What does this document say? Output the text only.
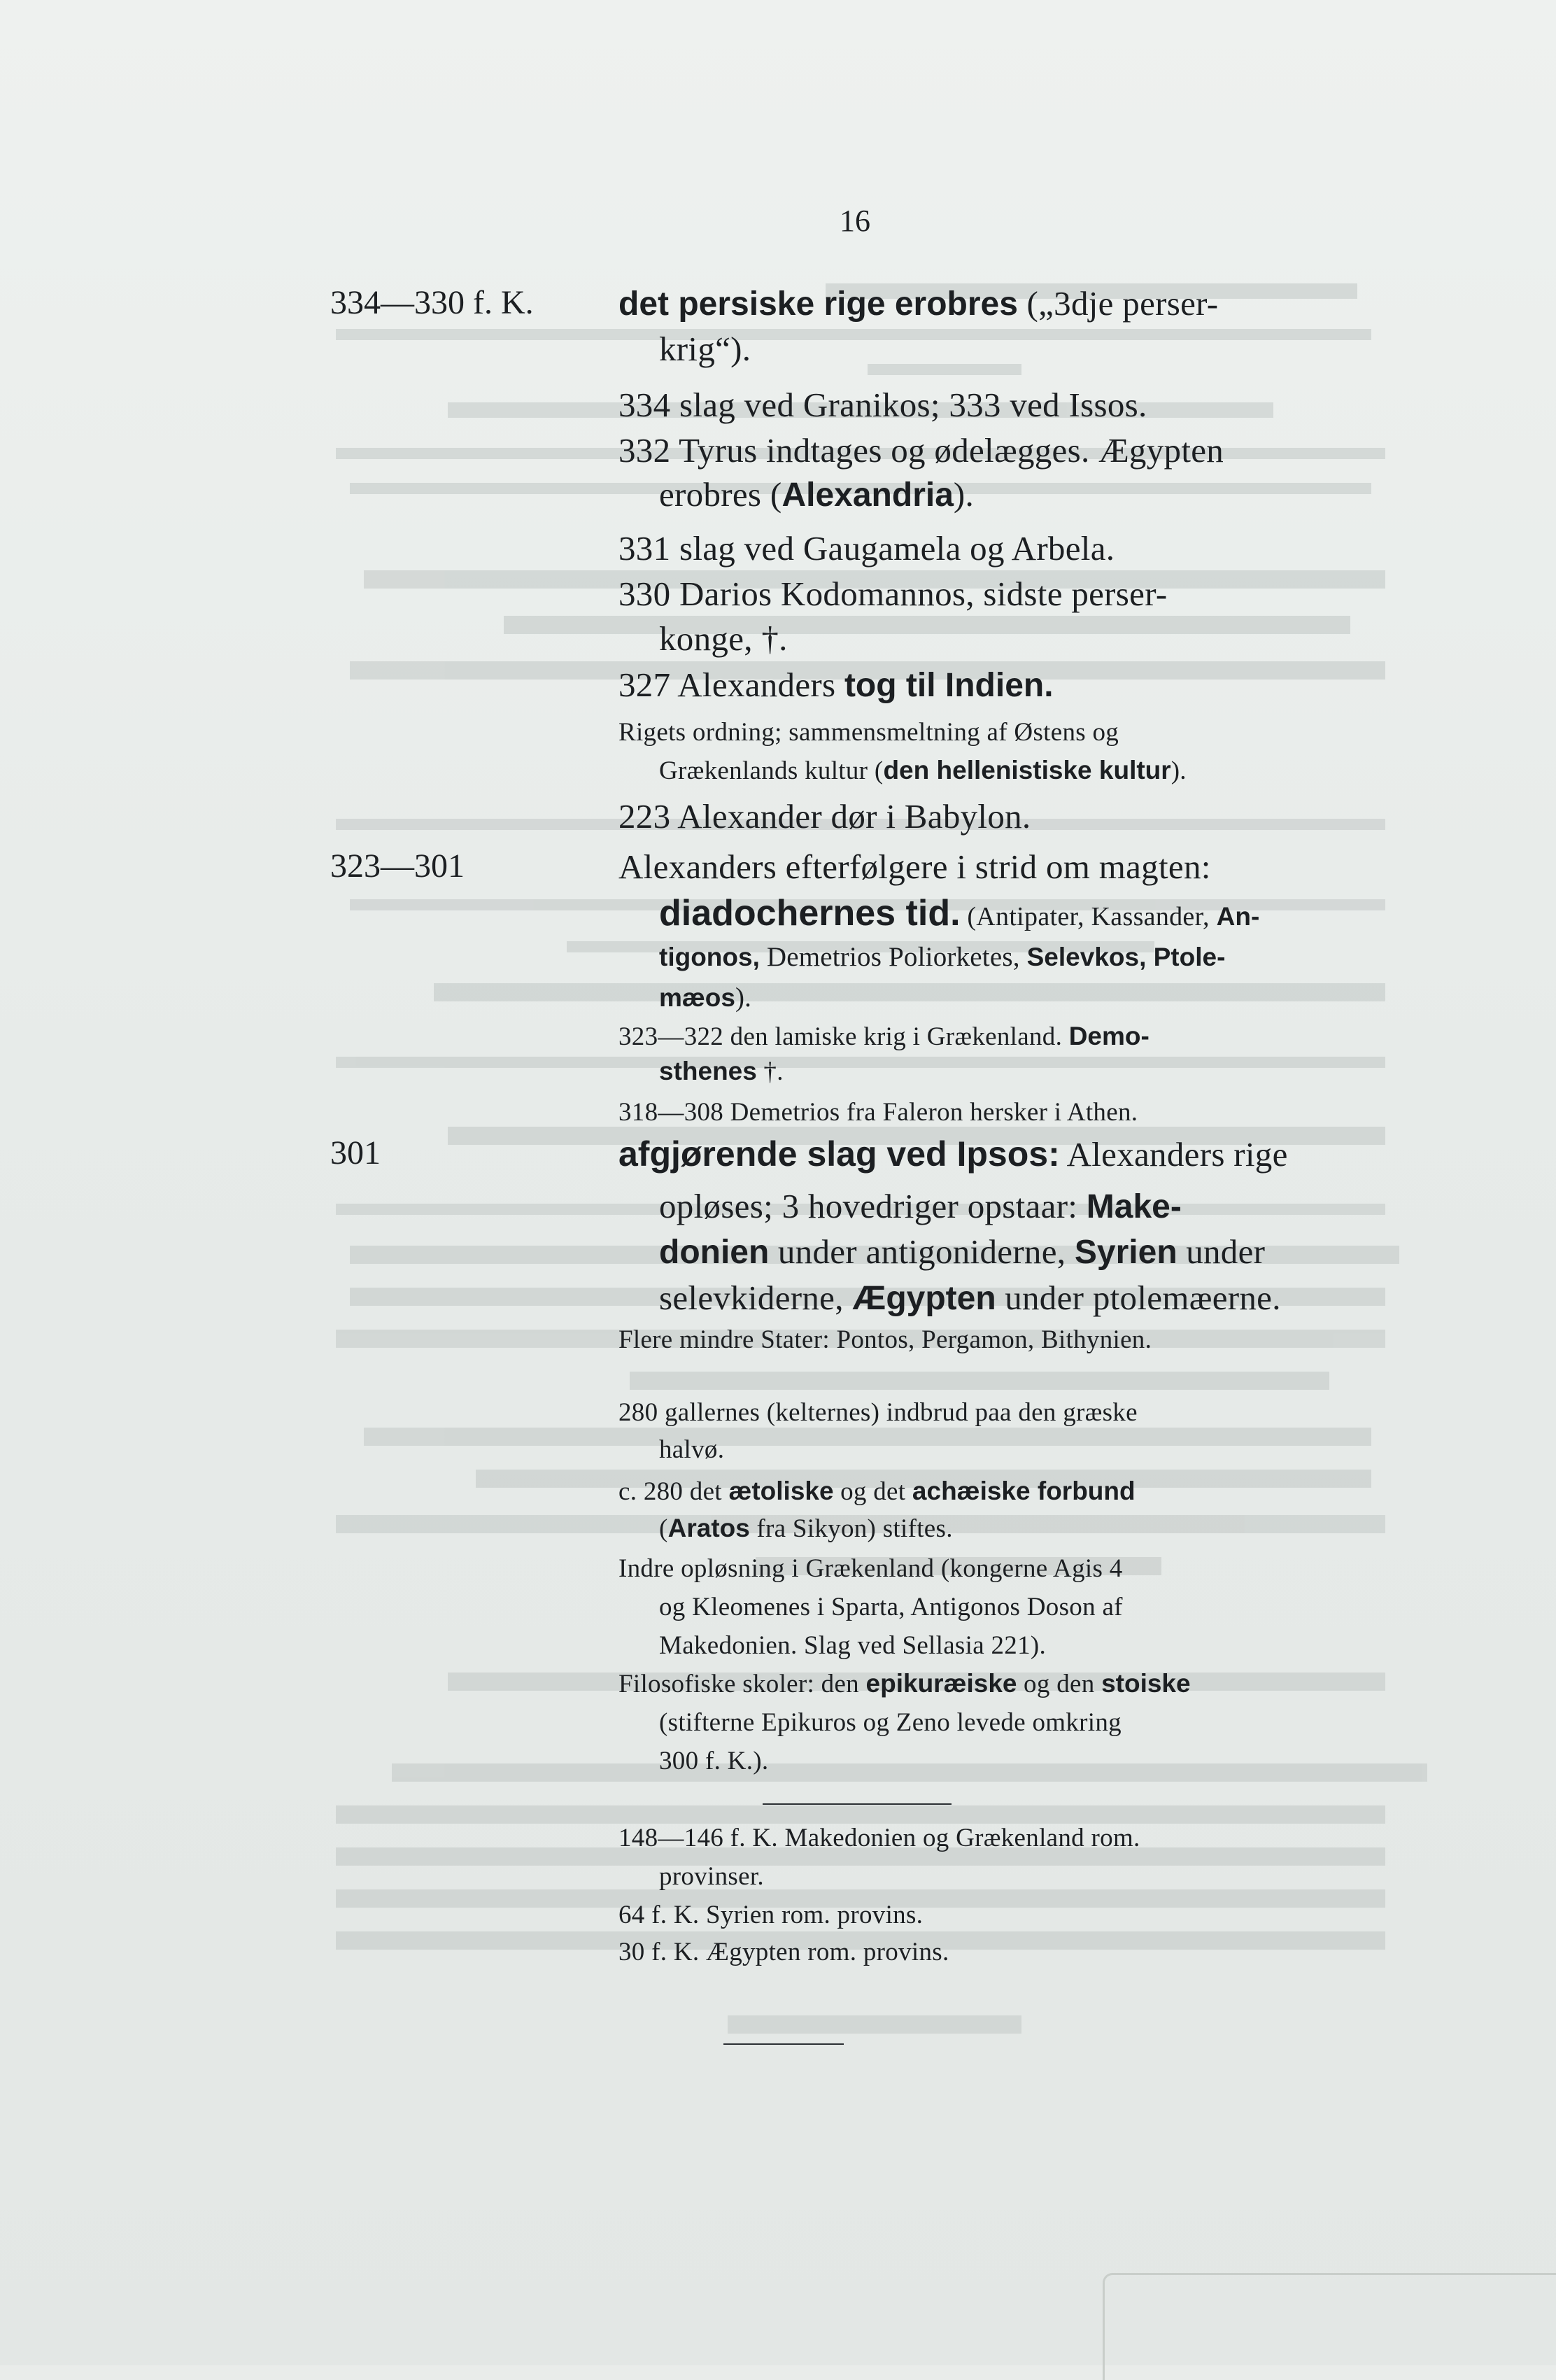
16
334—330 f. K.
323—301
301
det persiske rige erobres („3dje perser-
krig“).
334 slag ved Granikos; 333 ved Issos.
332 Tyrus indtages og ødelægges. Ægypten
erobres (Alexandria).
331 slag ved Gaugamela og Arbela.
330 Darios Kodomannos, sidste perser-
konge, †.
327 Alexanders tog til Indien.
Rigets ordning; sammensmeltning af Østens og
Grækenlands kultur (den hellenistiske kultur).
223 Alexander dør i Babylon.
Alexanders efterfølgere i strid om magten:
diadochernes tid. (Antipater, Kassander, An-
tigonos, Demetrios Poliorketes, Selevkos, Ptole-
mæos).
323—322 den lamiske krig i Grækenland. Demo-
sthenes †.
318—308 Demetrios fra Faleron hersker i Athen.
afgjørende slag ved Ipsos: Alexanders rige
opløses; 3 hovedriger opstaar: Make-
donien under antigoniderne, Syrien under
selevkiderne, Ægypten under ptolemæerne.
Flere mindre Stater: Pontos, Pergamon, Bithynien.
280 gallernes (kelternes) indbrud paa den græske
halvø.
c. 280 det ætoliske og det achæiske forbund
(Aratos fra Sikyon) stiftes.
Indre opløsning i Grækenland (kongerne Agis 4
og Kleomenes i Sparta, Antigonos Doson af
Makedonien. Slag ved Sellasia 221).
Filosofiske skoler: den epikuræiske og den stoiske
(stifterne Epikuros og Zeno levede omkring
300 f. K.).
148—146 f. K. Makedonien og Grækenland rom.
provinser.
64 f. K. Syrien rom. provins.
30 f. K. Ægypten rom. provins.
